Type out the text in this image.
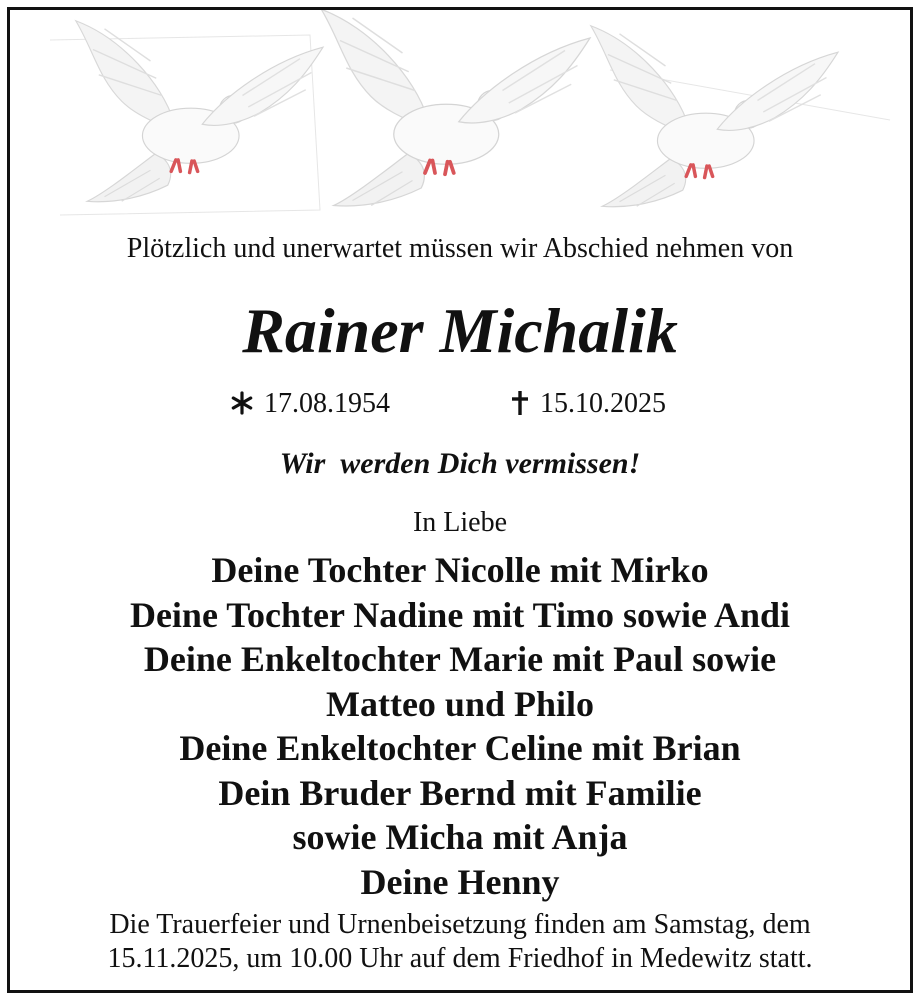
Plötzlich und unerwartet müssen wir Abschied nehmen von
Rainer Michalik
17.08.1954	15.10.2025
Wir  werden Dich vermissen!
In Liebe
Deine Tochter Nicolle mit Mirko
Deine Tochter Nadine mit Timo sowie Andi
Deine Enkeltochter Marie mit Paul sowie
Matteo und Philo
Deine Enkeltochter Celine mit Brian
Dein Bruder Bernd mit Familie
sowie Micha mit Anja
Deine Henny
Die Trauerfeier und Urnenbeisetzung finden am Samstag, dem
15.11.2025, um 10.00 Uhr auf dem Friedhof in Medewitz statt.
